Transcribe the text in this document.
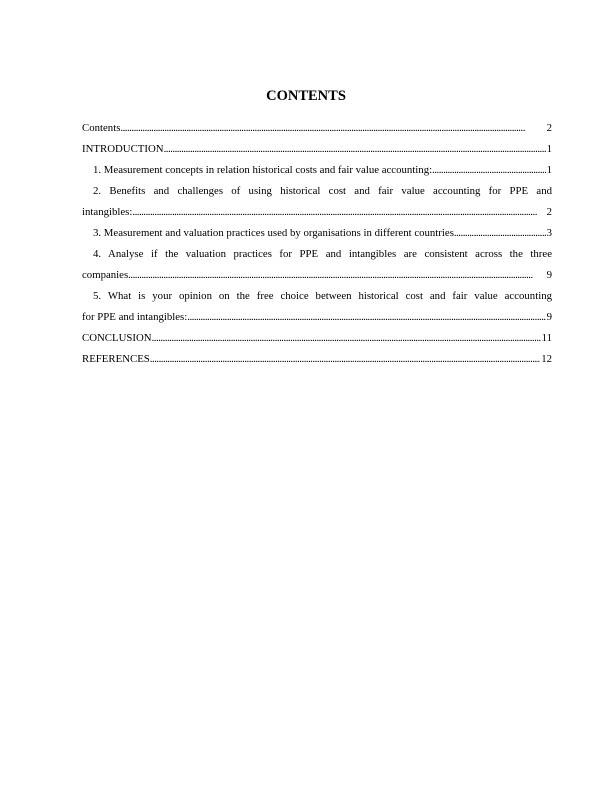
CONTENTS
Contents . . .	2
INTRODUCTION . . .	1
1. Measurement concepts in relation historical costs and fair value accounting: . . .	1
2. Benefits and challenges of using historical cost and fair value accounting for PPE and
intangibles: . . .	2
3. Measurement and valuation practices used by organisations in different countries . . .	3
4. Analyse if the valuation practices for PPE and intangibles are consistent across the three
companies . . .	9
5. What is your opinion on the free choice between historical cost and fair value accounting
for PPE and intangibles: . . .	9
CONCLUSION . . .	11
REFERENCES . . .	12
